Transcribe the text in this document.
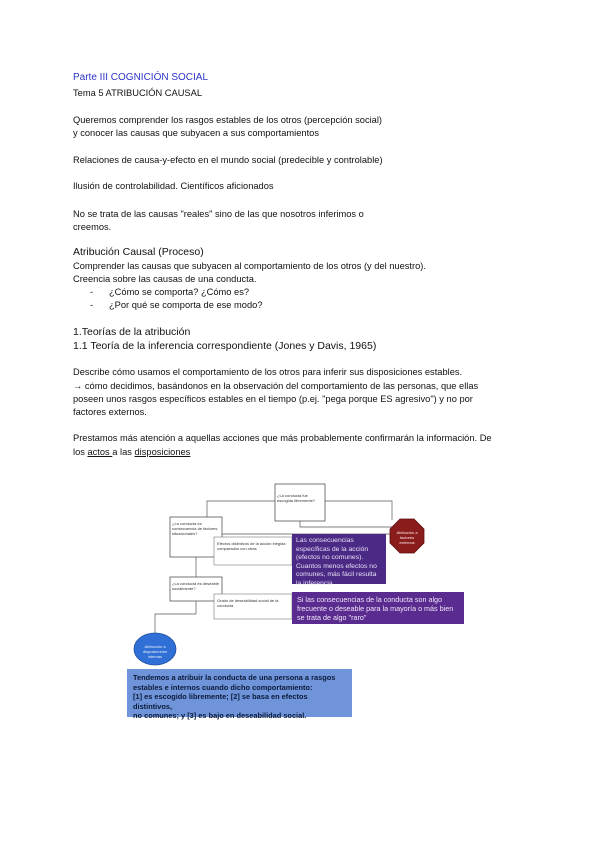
Parte III COGNICIÓN SOCIAL
Tema 5 ATRIBUCIÓN CAUSAL
Queremos comprender los rasgos estables de los otros (percepción social)
y conocer las causas que subyacen a sus comportamientos
Relaciones de causa-y-efecto en el mundo social (predecible y controlable)
Ilusión de controlabilidad. Científicos aficionados
No se trata de las causas "reales" sino de las que nosotros inferimos o
creemos.
Atribución Causal (Proceso)
Comprender las causas que subyacen al comportamiento de los otros (y del nuestro).
Creencia sobre las causas de una conducta.
- ¿Cómo se comporta? ¿Cómo es?
- ¿Por qué se comporta de ese modo?
1.Teorías de la atribución
1.1 Teoría de la inferencia correspondiente (Jones y Davis, 1965)
Describe cómo usamos el comportamiento de los otros para inferir sus disposiciones estables.
→ cómo decidimos, basándonos en la observación del comportamiento de las personas, que ellas
poseen unos rasgos específicos estables en el tiempo (p.ej. "pega porque ES agresivo") y no por
factores externos.
Prestamos más atención a aquellas acciones que más probablemente confirmarán la información. De
los actos a las disposiciones
¿La conducta fue escogida libremente?
¿La conducta es consecuencia de factores situacionales?
¿La conducta es deseable socialmente?
Efectos distintivos de la acción elegida comparados con otras
Grado de deseabilidad social de la conducta
Atribución a factores externos
Atribución a disposiciones internas
Las consecuencias específicas de la acción (efectos no comunes). Cuantos menos efectos no comunes, más fácil resulta la inferencia
Si las consecuencias de la conducta son algo frecuente o deseable para la mayoría o más bien se trata de algo "raro"
Tendemos a atribuir la conducta de una persona a rasgos
estables e internos cuando dicho comportamiento:
[1] es escogido libremente; [2] se basa en efectos distintivos,
no comunes; y [3] es bajo en deseabilidad social.
